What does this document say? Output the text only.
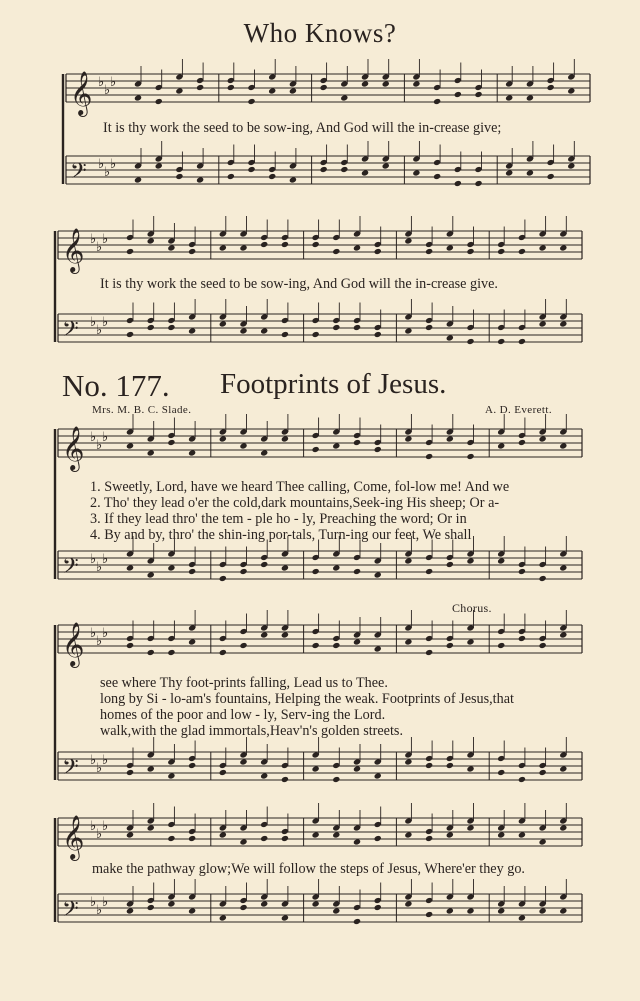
Who Knows?
𝄞 ♭
♭
♭
𝄢 ♭
♭
♭
𝄞 ♭
♭
♭
𝄢 ♭
♭
♭
𝄞 ♭
♭
♭
𝄢 ♭
♭
♭
𝄞 ♭
♭
♭
𝄢 ♭
♭
♭
𝄞 ♭
♭
♭
𝄢 ♭
♭
♭
It is thy work the seed to be sow-ing, And God will the in-crease give;
It is thy work the seed to be sow-ing, And God will the in-crease give.
No. 177. Footprints of Jesus.
Mrs. M. B. C. Slade.	A. D. Everett.
1. Sweetly, Lord, have we heard Thee calling, Come, fol-low me! And we
2. Tho' they lead o'er the cold,dark mountains,Seek-ing His sheep; Or a-
3. If they lead thro' the tem - ple ho - ly, Preaching the word; Or in
4. By and by, thro' the shin-ing por-tals, Turn-ing our feet, We shall
Chorus.
see where Thy foot-prints falling, Lead us to Thee.
long by Si - lo-am's fountains, Helping the weak. Footprints of Jesus,that
homes of the poor and low - ly, Serv-ing the Lord.
walk,with the glad immortals,Heav'n's golden streets.
make the pathway glow;We will follow the steps of Jesus, Where'er they go.
